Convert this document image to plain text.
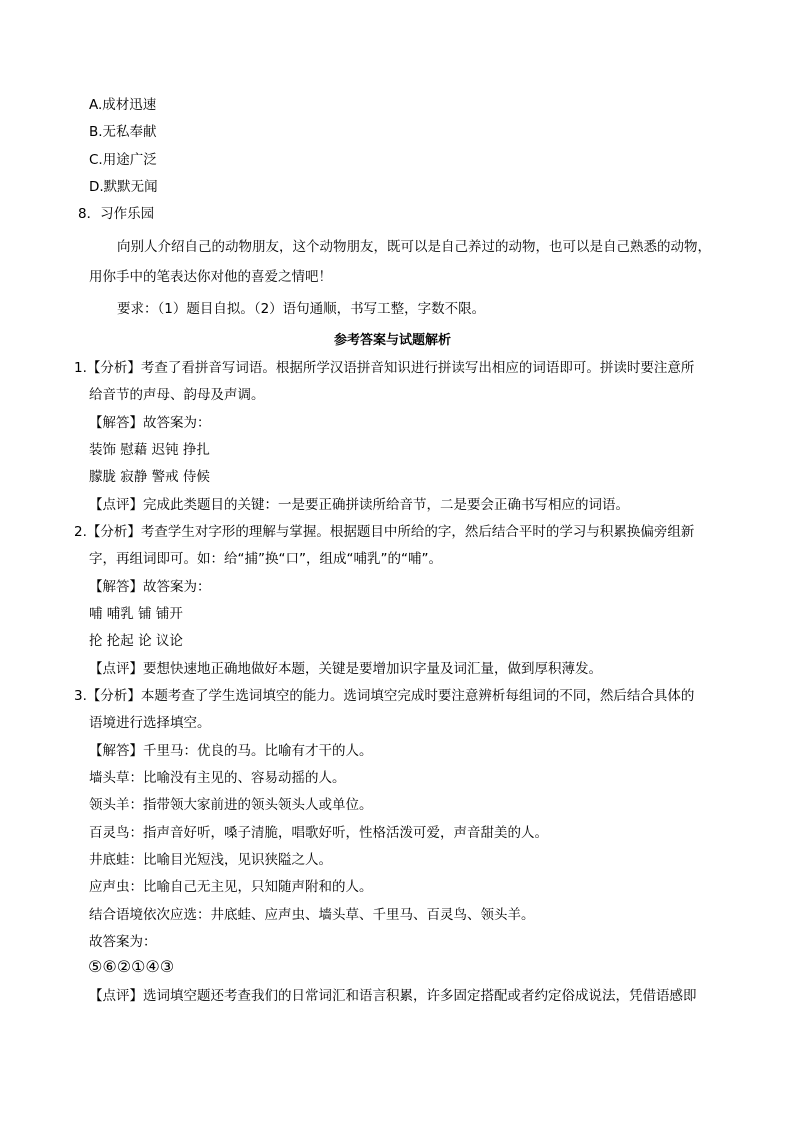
A.成材迅速
B.无私奉献
C.用途广泛
D.默默无闻
8．习作乐园
向别人介绍自己的动物朋友，这个动物朋友，既可以是自己养过的动物，也可以是自己熟悉的动物，
用你手中的笔表达你对他的喜爱之情吧！
要求：（1）题目自拟。（2）语句通顺，书写工整，字数不限。
参考答案与试题解析
1.【分析】考查了看拼音写词语。根据所学汉语拼音知识进行拼读写出相应的词语即可。拼读时要注意所
给音节的声母、韵母及声调。
【解答】故答案为：
装饰 慰藉 迟钝 挣扎
朦胧 寂静 警戒 侍候
【点评】完成此类题目的关键：一是要正确拼读所给音节，二是要会正确书写相应的词语。
2.【分析】考查学生对字形的理解与掌握。根据题目中所给的字，然后结合平时的学习与积累换偏旁组新
字，再组词即可。如：给“捕”换“口”，组成“哺乳”的“哺”。
【解答】故答案为：
哺 哺乳 铺 铺开
抡 抡起 论 议论
【点评】要想快速地正确地做好本题，关键是要增加识字量及词汇量，做到厚积薄发。
3.【分析】本题考查了学生选词填空的能力。选词填空完成时要注意辨析每组词的不同，然后结合具体的
语境进行选择填空。
【解答】千里马：优良的马。比喻有才干的人。
墙头草：比喻没有主见的、容易动摇的人。
领头羊：指带领大家前进的领头领头人或单位。
百灵鸟：指声音好听，嗓子清脆，唱歌好听，性格活泼可爱，声音甜美的人。
井底蛙：比喻目光短浅，见识狭隘之人。
应声虫：比喻自己无主见，只知随声附和的人。
结合语境依次应选：井底蛙、应声虫、墙头草、千里马、百灵鸟、领头羊。
故答案为：
⑤⑥②①④③
【点评】选词填空题还考查我们的日常词汇和语言积累，许多固定搭配或者约定俗成说法，凭借语感即
